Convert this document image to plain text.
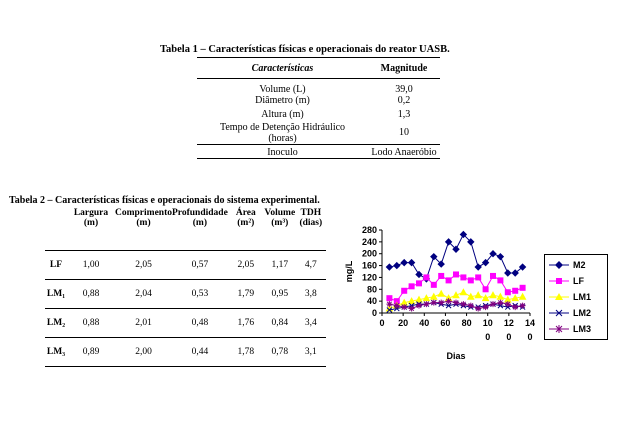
Tabela 1 – Características físicas e operacionais do reator UASB.
Características	Magnitude
Volume (L)	39,0
Diâmetro (m)	0,2
Altura (m)	1,3
Tempo de Detenção Hidráulico (horas)	10
Inoculo	Lodo Anaeróbio
Tabela 2 – Características físicas e operacionais do sistema experimental.
	Largura (m)	Comprimento (m)	Profundidade (m)	Área (m²)	Volume (m³)	TDH (dias)
LF	1,00	2,05	0,57	2,05	1,17	4,7
LM₁	0,88	2,04	0,53	1,79	0,95	3,8
LM₂	0,88	2,01	0,48	1,76	0,84	3,4
LM₃	0,89	2,00	0,44	1,78	0,78	3,1
0
40
80
120
160
200
240
280
0 20 40 60 80 10
0
12
0
14
0
mg/L
Dias
M2
LF
LM1
LM2
LM3
